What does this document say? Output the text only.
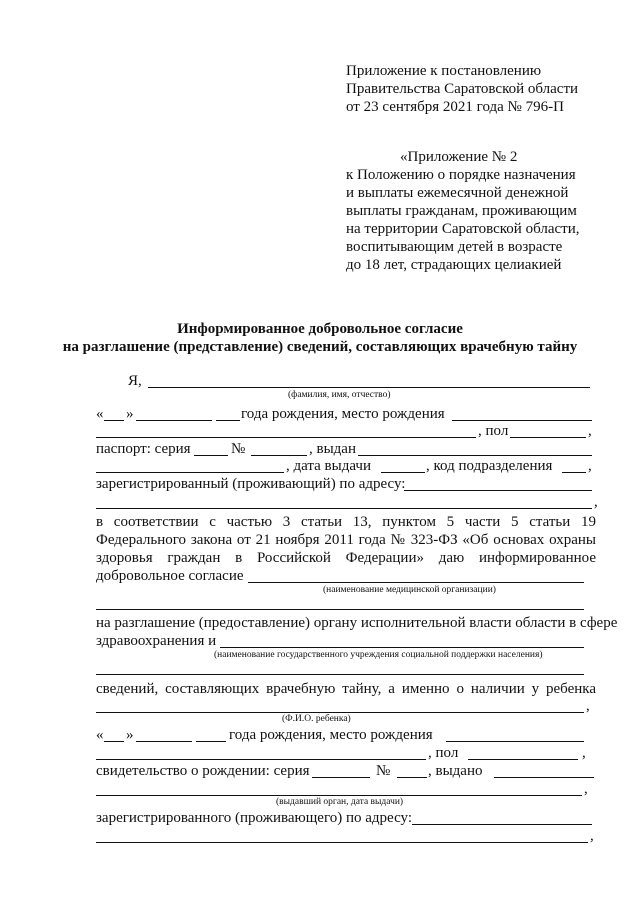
Приложение к постановлению
Правительства Саратовской области
от 23 сентября 2021 года № 796-П
«Приложение № 2
к Положению о порядке назначения
и выплаты ежемесячной денежной
выплаты гражданам, проживающим
на территории Саратовской области,
воспитывающим детей в возрасте
до 18 лет, страдающих целиакией
Информированное добровольное согласие
на разглашение (представление) сведений, составляющих врачебную тайну
Я,
(фамилия, имя, отчество)
« »	года рождения, место рождения
, пол	,
паспорт: серия	№	, выдан
, дата выдачи	, код подразделения ,
зарегистрированный (проживающий) по адресу:
,
в соответствии с частью 3 статьи 13, пунктом 5 части 5 статьи 19
Федерального закона от 21 ноября 2011 года № 323-ФЗ «Об основах охраны
здоровья граждан в Российской Федерации» даю информированное
добровольное согласие
(наименование медицинской организации)
на разглашение (предоставление) органу исполнительной власти области в сфере
здравоохранения и
(наименование государственного учреждения социальной поддержки населения)
сведений, составляющих врачебную тайну, а именно о наличии у ребенка
,
(Ф.И.О. ребенка)
« »	года рождения, место рождения
, пол	,
свидетельство о рождении: серия	№	, выдано
,
(выдавший орган, дата выдачи)
зарегистрированного (проживающего) по адресу:
,
